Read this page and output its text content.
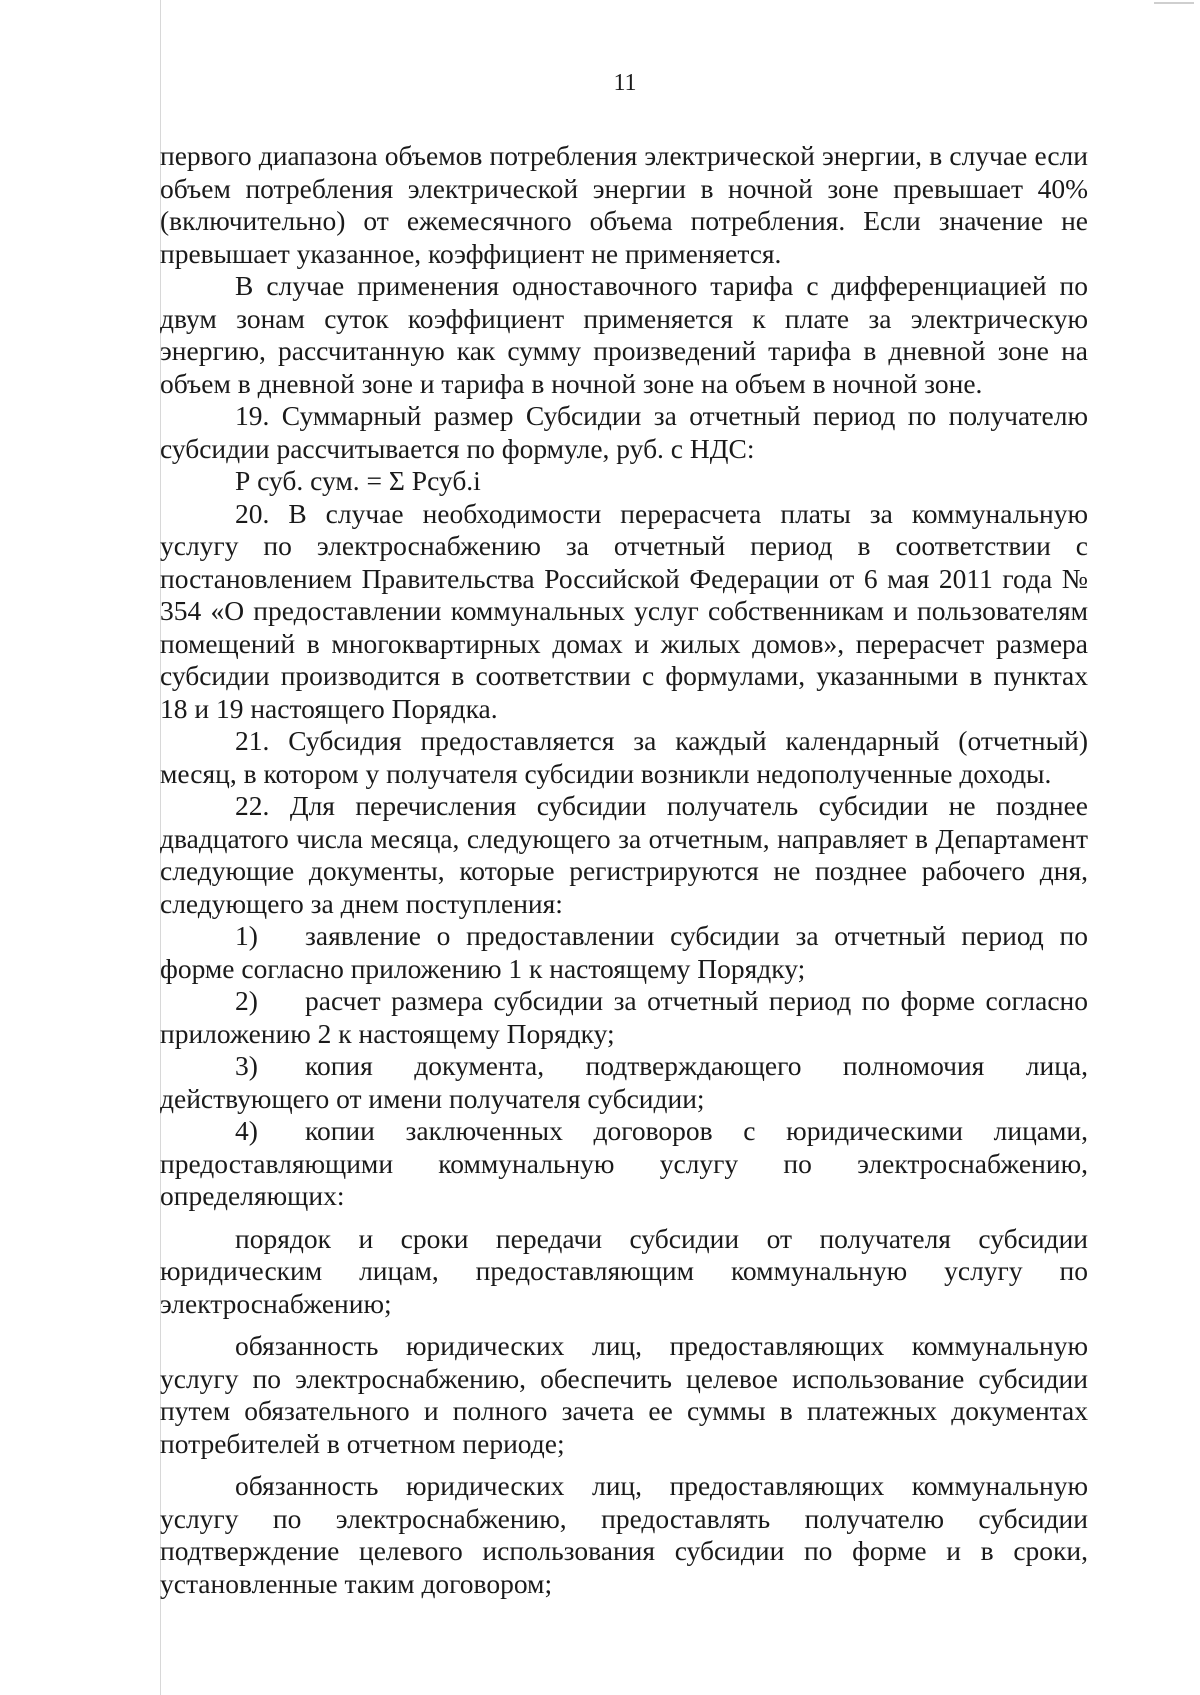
11

первого диапазона объемов потребления электрической энергии, в случае если объем потребления электрической энергии в ночной зоне превышает 40% (включительно) от ежемесячного объема потребления. Если значение не превышает указанное, коэффициент не применяется.

В случае применения одноставочного тарифа с дифференциацией по двум зонам суток коэффициент применяется к плате за электрическую энергию, рассчитанную как сумму произведений тарифа в дневной зоне на объем в дневной зоне и тарифа в ночной зоне на объем в ночной зоне.

19. Суммарный размер Субсидии за отчетный период по получателю субсидии рассчитывается по формуле, руб. с НДС:

Р суб. сум. = Σ Рсуб.i

20. В случае необходимости перерасчета платы за коммунальную услугу по электроснабжению за отчетный период в соответствии с постановлением Правительства Российской Федерации от 6 мая 2011 года № 354 «О предоставлении коммунальных услуг собственникам и пользователям помещений в многоквартирных домах и жилых домов», перерасчет размера субсидии производится в соответствии с формулами, указанными в пунктах 18 и 19 настоящего Порядка.

21. Субсидия предоставляется за каждый календарный (отчетный) месяц, в котором у получателя субсидии возникли недополученные доходы.

22. Для перечисления субсидии получатель субсидии не позднее двадцатого числа месяца, следующего за отчетным, направляет в Департамент следующие документы, которые регистрируются не позднее рабочего дня, следующего за днем поступления:

1) заявление о предоставлении субсидии за отчетный период по форме согласно приложению 1 к настоящему Порядку;

2) расчет размера субсидии за отчетный период по форме согласно приложению 2 к настоящему Порядку;

3) копия документа, подтверждающего полномочия лица, действующего от имени получателя субсидии;

4) копии заключенных договоров с юридическими лицами, предоставляющими коммунальную услугу по электроснабжению, определяющих:

порядок и сроки передачи субсидии от получателя субсидии юридическим лицам, предоставляющим коммунальную услугу по электроснабжению;

обязанность юридических лиц, предоставляющих коммунальную услугу по электроснабжению, обеспечить целевое использование субсидии путем обязательного и полного зачета ее суммы в платежных документах потребителей в отчетном периоде;

обязанность юридических лиц, предоставляющих коммунальную услугу по электроснабжению, предоставлять получателю субсидии подтверждение целевого использования субсидии по форме и в сроки, установленные таким договором;
